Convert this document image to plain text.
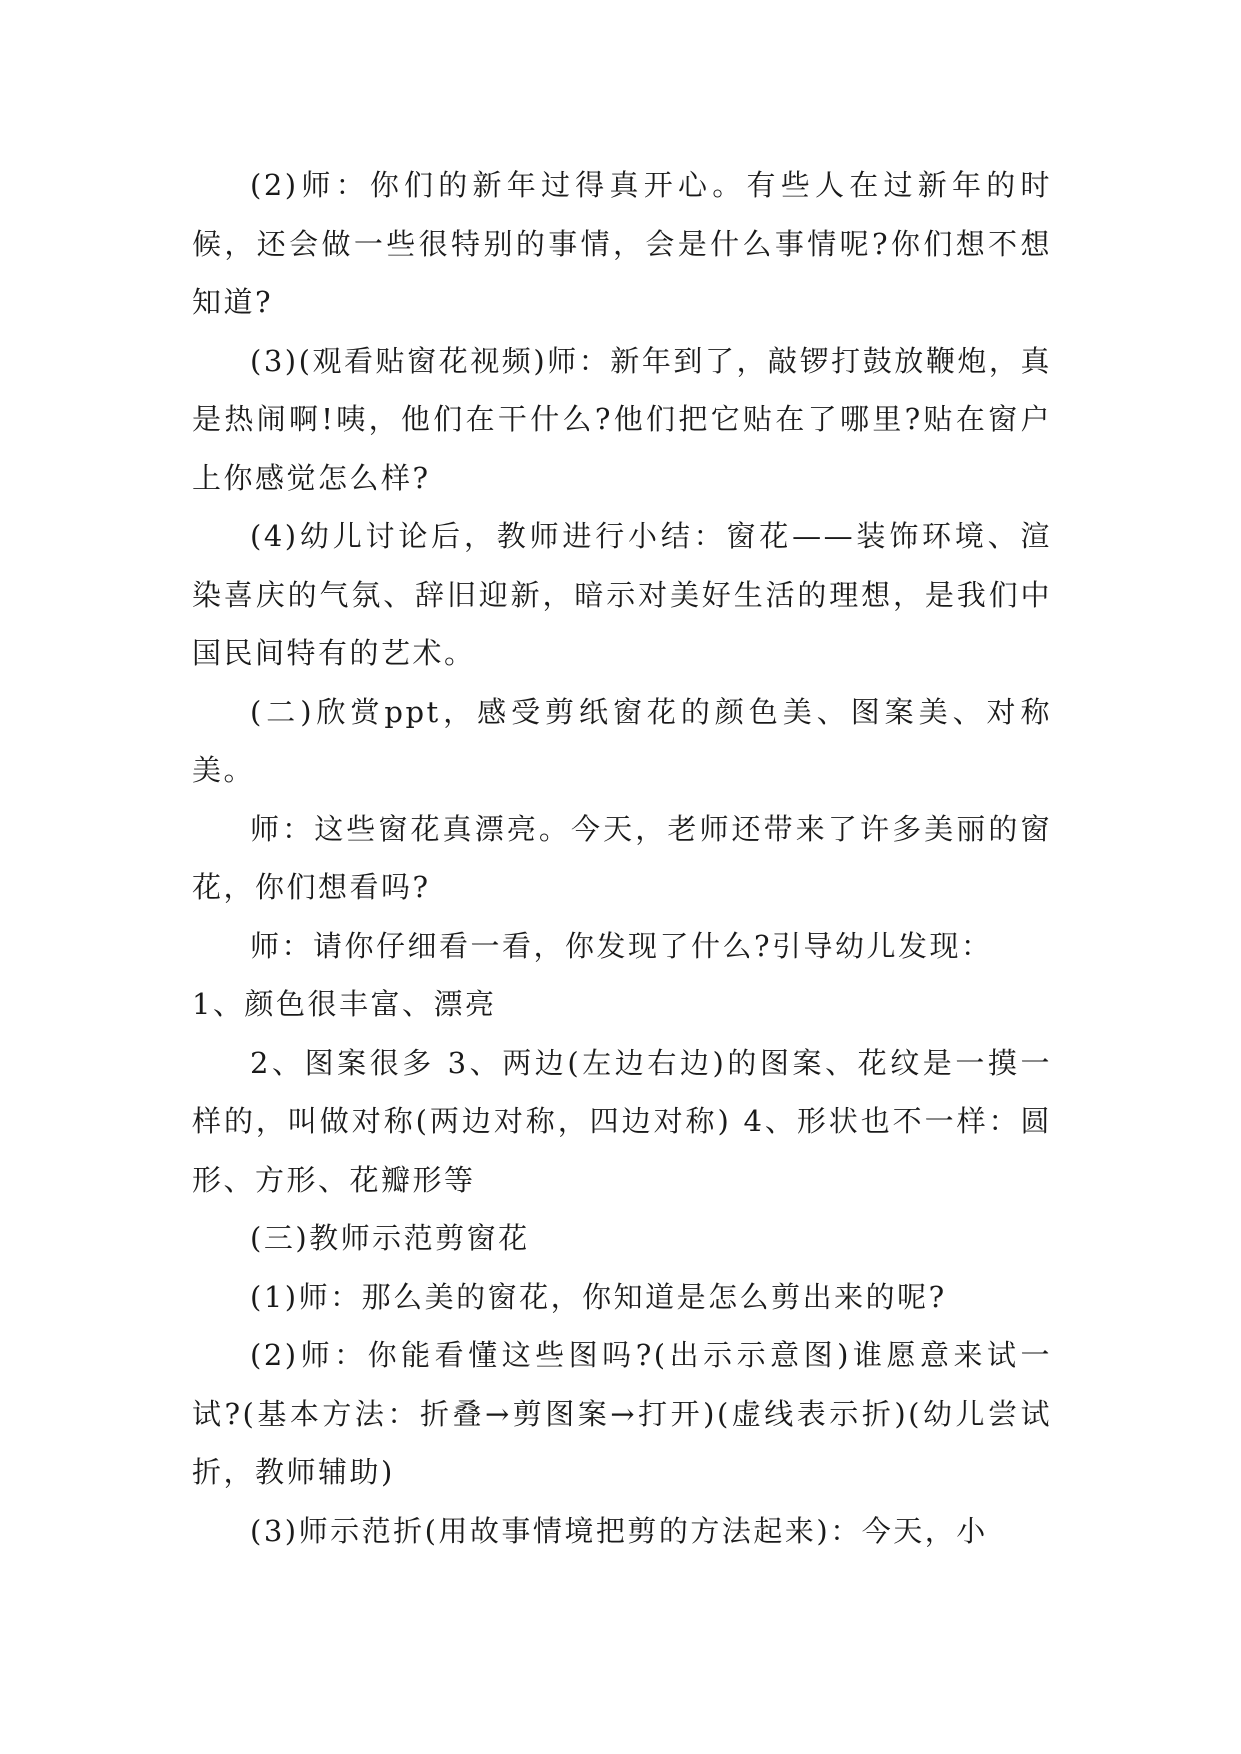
(2)师：你们的新年过得真开心。有些人在过新年的时候，还会做一些很特别的事情，会是什么事情呢?你们想不想知道?

(3)(观看贴窗花视频)师：新年到了，敲锣打鼓放鞭炮，真是热闹啊!咦，他们在干什么?他们把它贴在了哪里?贴在窗户上你感觉怎么样?

(4)幼儿讨论后，教师进行小结：窗花——装饰环境、渲染喜庆的气氛、辞旧迎新，暗示对美好生活的理想，是我们中国民间特有的艺术。

(二)欣赏ppt，感受剪纸窗花的颜色美、图案美、对称美。

师：这些窗花真漂亮。今天，老师还带来了许多美丽的窗花，你们想看吗?

师：请你仔细看一看，你发现了什么?引导幼儿发现：

1、颜色很丰富、漂亮

2、图案很多 3、两边(左边右边)的图案、花纹是一摸一样的，叫做对称(两边对称，四边对称) 4、形状也不一样：圆形、方形、花瓣形等

(三)教师示范剪窗花

(1)师：那么美的窗花，你知道是怎么剪出来的呢?

(2)师：你能看懂这些图吗?(出示示意图)谁愿意来试一试?(基本方法：折叠→剪图案→打开)(虚线表示折)(幼儿尝试折，教师辅助)

(3)师示范折(用故事情境把剪的方法起来)：今天，小
